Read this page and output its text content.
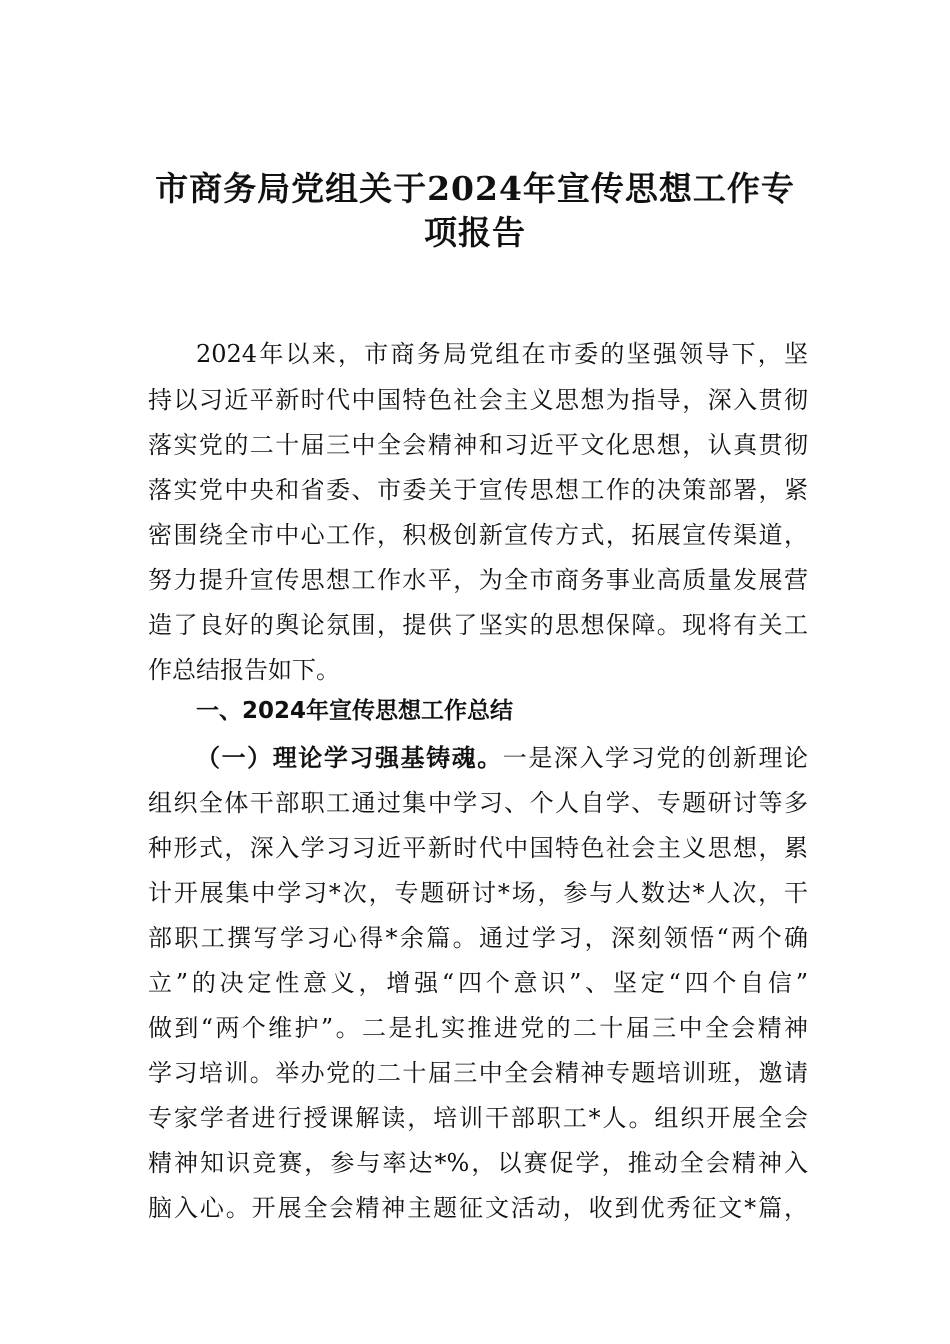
市商务局党组关于2024年宣传思想工作专
项报告
2024年以来，市商务局党组在市委的坚强领导下，坚
持以习近平新时代中国特色社会主义思想为指导，深入贯彻
落实党的二十届三中全会精神和习近平文化思想，认真贯彻
落实党中央和省委、市委关于宣传思想工作的决策部署，紧
密围绕全市中心工作，积极创新宣传方式，拓展宣传渠道，
努力提升宣传思想工作水平，为全市商务事业高质量发展营
造了良好的舆论氛围，提供了坚实的思想保障。现将有关工
作总结报告如下。
一、2024年宣传思想工作总结
（一）理论学习强基铸魂。一是深入学习党的创新理论
组织全体干部职工通过集中学习、个人自学、专题研讨等多
种形式，深入学习习近平新时代中国特色社会主义思想，累
计开展集中学习*次，专题研讨*场，参与人数达*人次，干
部职工撰写学习心得*余篇。通过学习，深刻领悟“两个确
立”的决定性意义，增强“四个意识”、坚定“四个自信”
做到“两个维护”。二是扎实推进党的二十届三中全会精神
学习培训。举办党的二十届三中全会精神专题培训班，邀请
专家学者进行授课解读，培训干部职工*人。组织开展全会
精神知识竞赛，参与率达*%，以赛促学，推动全会精神入
脑入心。开展全会精神主题征文活动，收到优秀征文*篇，
